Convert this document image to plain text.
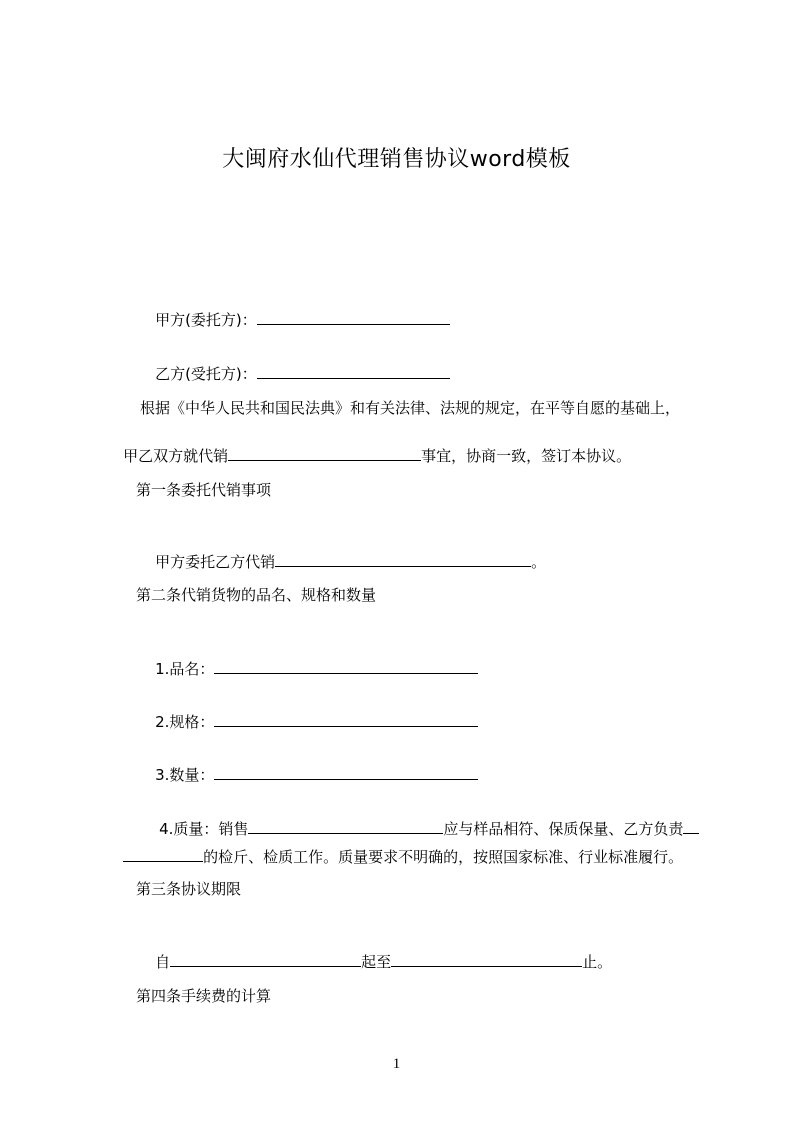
大闽府水仙代理销售协议word模板

甲方(委托方)：

乙方(受托方)：

根据《中华人民共和国民法典》和有关法律、法规的规定，在平等自愿的基础上，

甲乙双方就代销	事宜，协商一致，签订本协议。

第一条委托代销事项

甲方委托乙方代销	。

第二条代销货物的品名、规格和数量

1.品名：

2.规格：

3.数量：

4.质量：销售	应与样品相符、保质保量、乙方负责

的检斤、检质工作。质量要求不明确的，按照国家标准、行业标准履行。

第三条协议期限

自	起至	止。

第四条手续费的计算
1
